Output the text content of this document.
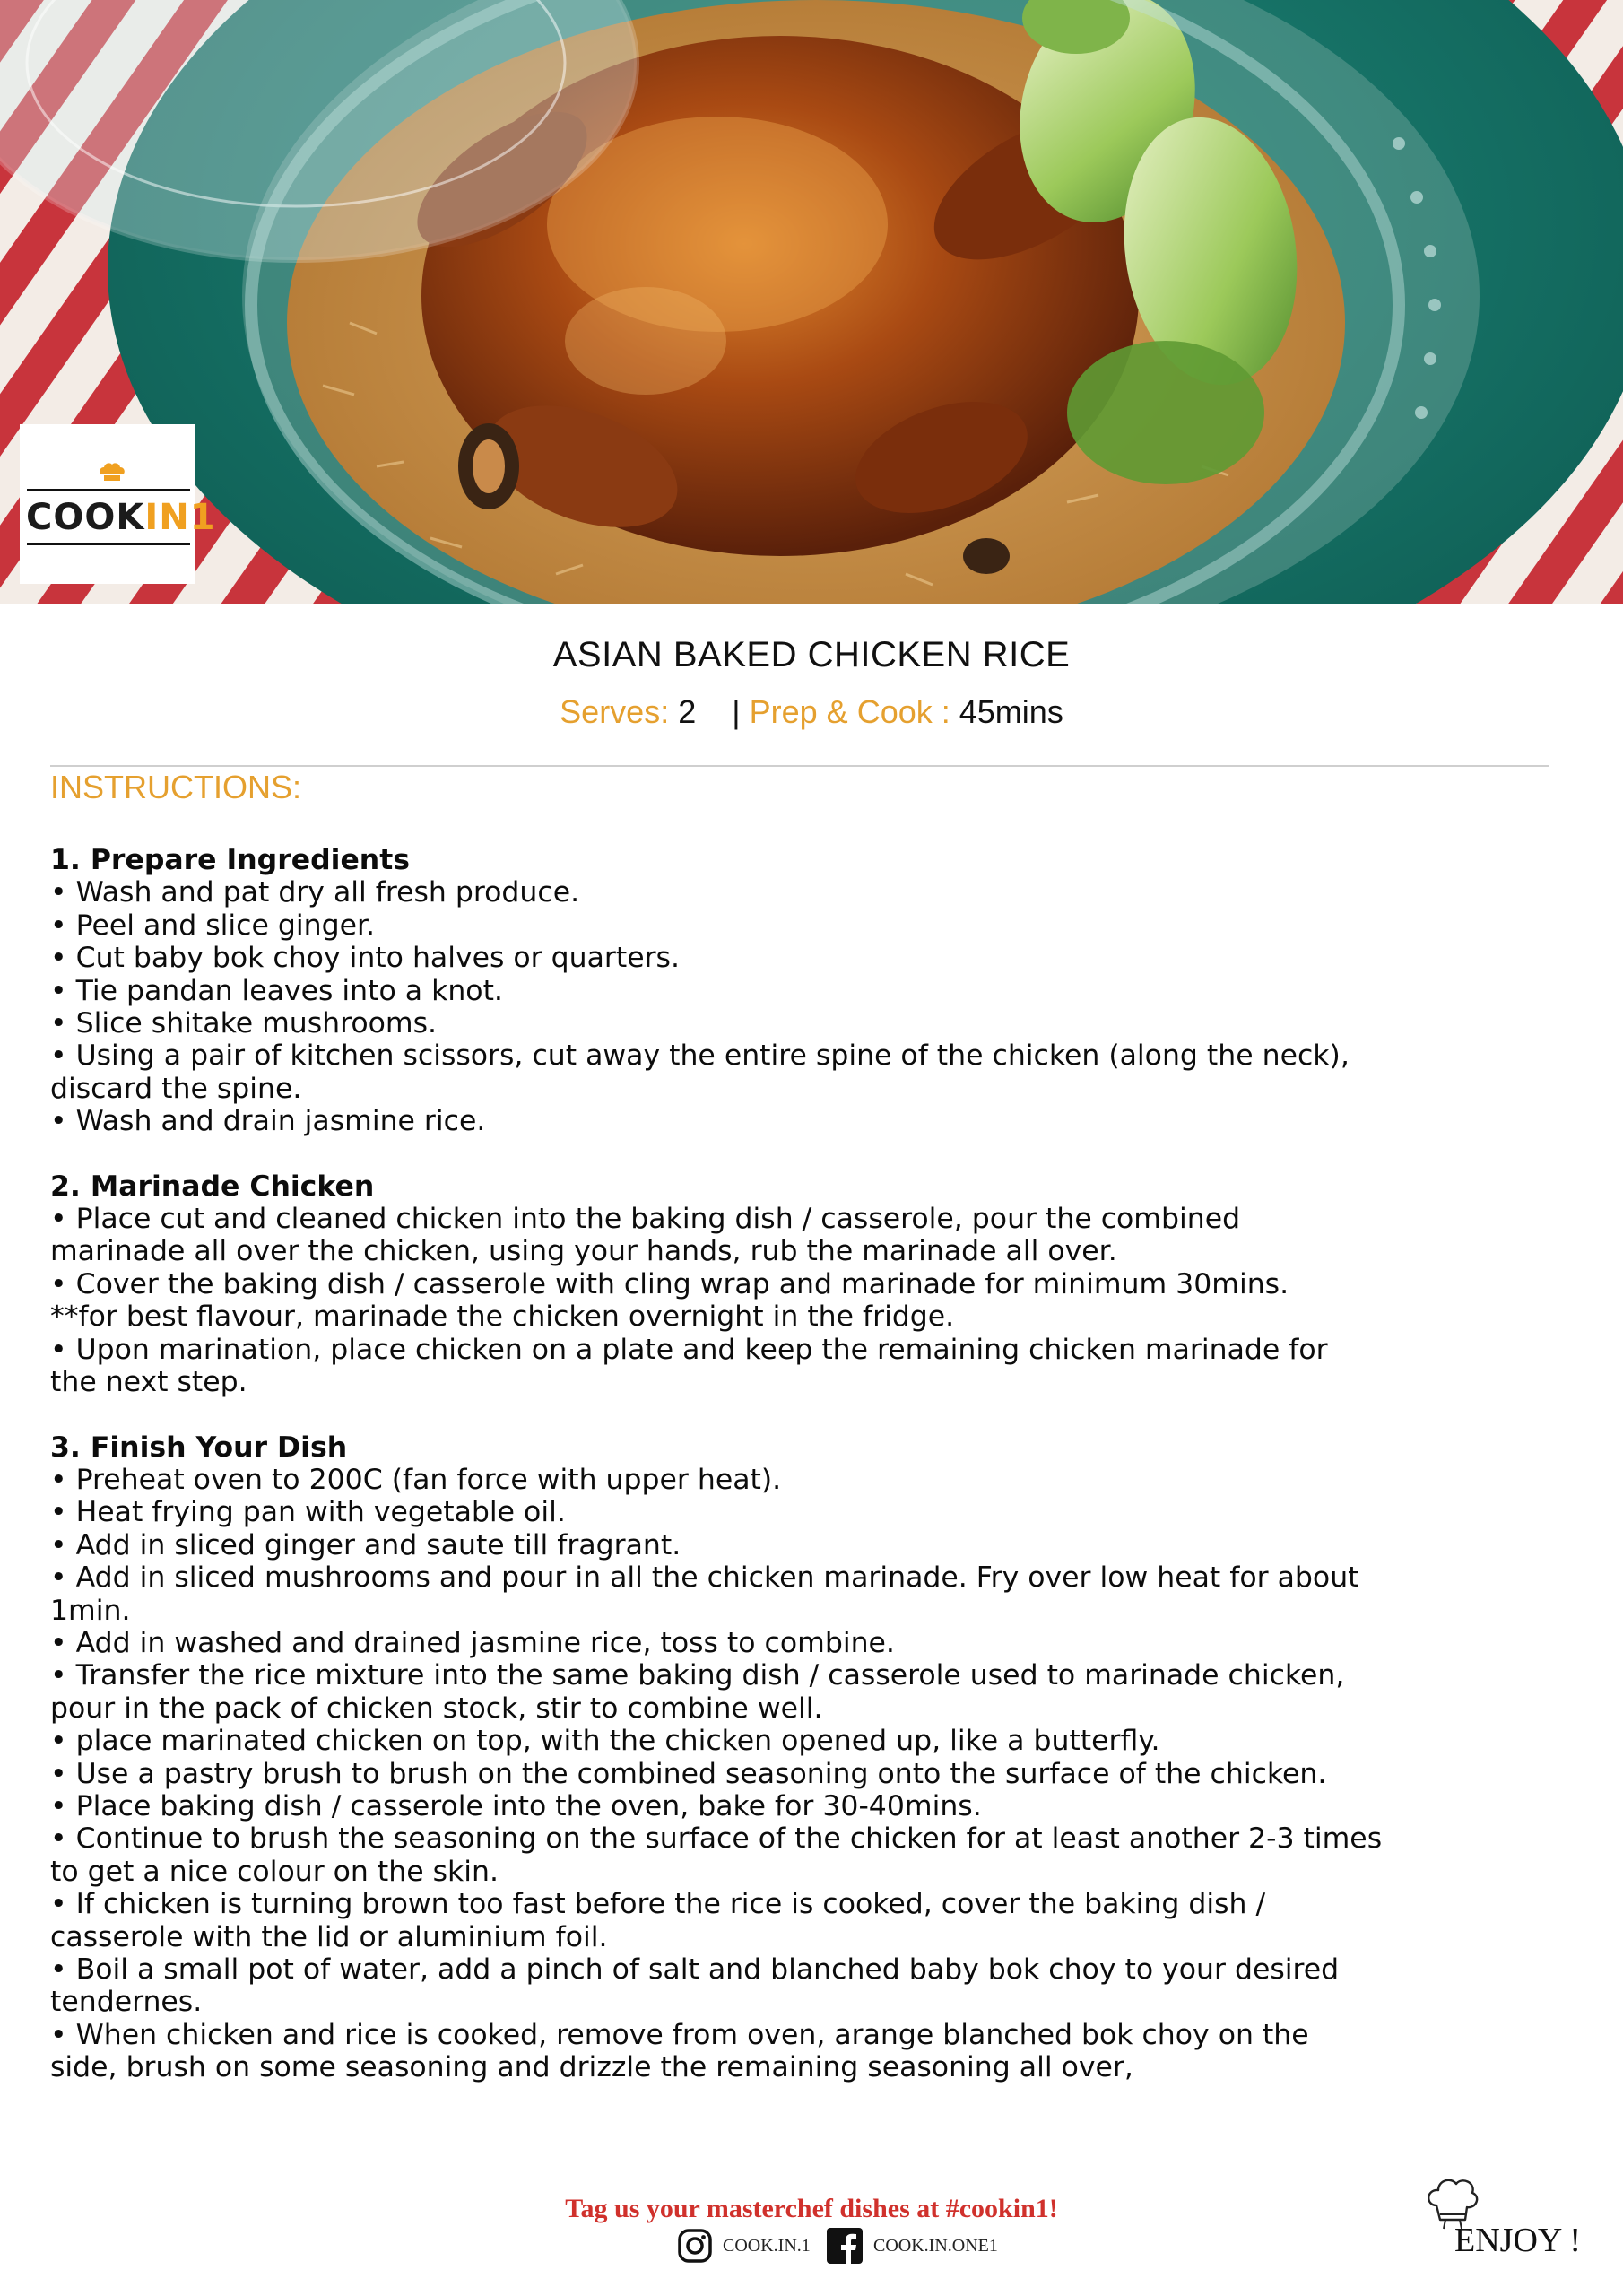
COOKIN1
ASIAN BAKED CHICKEN RICE
Serves: 2 | Prep & Cook : 45mins
INSTRUCTIONS:
1. Prepare Ingredients
• Wash and pat dry all fresh produce.
• Peel and slice ginger.
• Cut baby bok choy into halves or quarters.
• Tie pandan leaves into a knot.
• Slice shitake mushrooms.
• Using a pair of kitchen scissors, cut away the entire spine of the chicken (along the neck),
discard the spine.
• Wash and drain jasmine rice.
2. Marinade Chicken
• Place cut and cleaned chicken into the baking dish / casserole, pour the combined
marinade all over the chicken, using your hands, rub the marinade all over.
• Cover the baking dish / casserole with cling wrap and marinade for minimum 30mins.
**for best flavour, marinade the chicken overnight in the fridge.
• Upon marination, place chicken on a plate and keep the remaining chicken marinade for
the next step.
3. Finish Your Dish
• Preheat oven to 200C (fan force with upper heat).
• Heat frying pan with vegetable oil.
• Add in sliced ginger and saute till fragrant.
• Add in sliced mushrooms and pour in all the chicken marinade. Fry over low heat for about
1min.
• Add in washed and drained jasmine rice, toss to combine.
• Transfer the rice mixture into the same baking dish / casserole used to marinade chicken,
pour in the pack of chicken stock, stir to combine well.
• place marinated chicken on top, with the chicken opened up, like a butterfly.
• Use a pastry brush to brush on the combined seasoning onto the surface of the chicken.
• Place baking dish / casserole into the oven, bake for 30-40mins.
• Continue to brush the seasoning on the surface of the chicken for at least another 2-3 times
to get a nice colour on the skin.
• If chicken is turning brown too fast before the rice is cooked, cover the baking dish /
casserole with the lid or aluminium foil.
• Boil a small pot of water, add a pinch of salt and blanched baby bok choy to your desired
tendernes.
• When chicken and rice is cooked, remove from oven, arange blanched bok choy on the
side, brush on some seasoning and drizzle the remaining seasoning all over,
Tag us your masterchef dishes at #cookin1!
COOK.IN.1	COOK.IN.ONE1	ENJOY !
